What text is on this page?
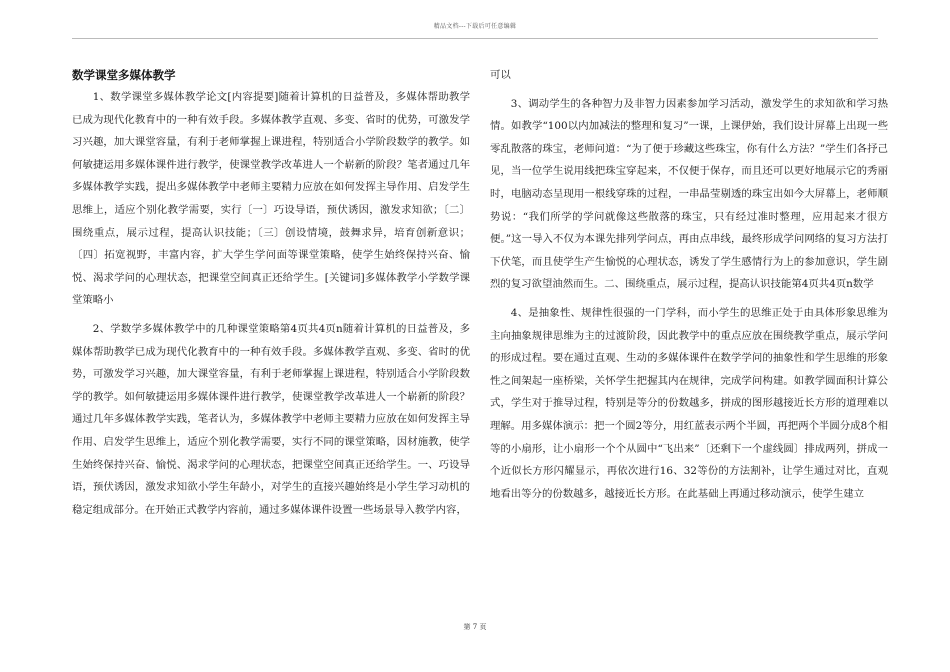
精品文档---下载后可任意编辑
数学课堂多媒体教学

1、数学课堂多媒体教学论文[内容提要]随着计算机的日益普及，多媒体帮助教学已成为现代化教育中的一种有效手段。多媒体教学直观、多变、省时的优势，可激发学习兴趣，加大课堂容量，有利于老师掌握上课进程，特别适合小学阶段数学的教学。如何敏捷运用多媒体课件进行教学，使课堂教学改革进人一个崭新的阶段？笔者通过几年多媒体教学实践，提出多媒体教学中老师主要精力应放在如何发挥主导作用、启发学生思维上，适应个别化教学需要，实行〔一〕巧设导语，预伏诱因，激发求知欲；〔二〕围绕重点，展示过程，提高认识技能；〔三〕创设情境，鼓舞求异，培育创新意识；〔四〕拓宽视野，丰富内容，扩大学生学问面等课堂策略，使学生始终保持兴奋、愉悦、渴求学问的心理状态，把课堂空间真正还给学生。[关键词]多媒体教学小学数学课堂策略小

2、学数学多媒体教学中的几种课堂策略第4页共4页n随着计算机的日益普及，多媒体帮助教学已成为现代化教育中的一种有效手段。多媒体教学直观、多变、省时的优势，可激发学习兴趣，加大课堂容量，有利于老师掌握上课进程，特别适合小学阶段数学的教学。如何敏捷运用多媒体课件进行教学，使课堂教学改革进人一个崭新的阶段？通过几年多媒体教学实践，笔者认为，多媒体教学中老师主要精力应放在如何发挥主导作用、启发学生思维上，适应个别化教学需要，实行不同的课堂策略，因材施教，使学生始终保持兴奋、愉悦、渴求学问的心理状态，把课堂空间真正还给学生。一、巧设导语，预伏诱因，激发求知欲小学生年龄小，对学生的直接兴趣始终是小学生学习动机的稳定组成部分。在开始正式教学内容前，通过多媒体课件设置一些场景导入教学内容，

可以

3、调动学生的各种智力及非智力因素参加学习活动，激发学生的求知欲和学习热情。如教学“100以内加减法的整理和复习”一课，上课伊始，我们设计屏幕上出现一些零乱散落的珠宝，老师问道：“为了便于珍藏这些珠宝，你有什么方法？”学生们各抒己见，当一位学生说用线把珠宝穿起来，不仅便于保存，而且还可以更好地展示它的秀丽时，电脑动态呈现用一根线穿珠的过程，一串晶莹剔透的珠宝出如今大屏幕上，老师顺势说：“我们所学的学问就像这些散落的珠宝，只有经过准时整理，应用起来才很方便。”这一导入不仅为本课先排列学问点，再由点串线，最终形成学问网络的复习方法打下伏笔，而且使学生产生愉悦的心理状态，诱发了学生感情行为上的参加意识，学生剧烈的复习欲望油然而生。二、围绕重点，展示过程，提高认识技能第4页共4页n数学

4、是抽象性、规律性很强的一门学科，而小学生的思维正处于由具体形象思维为主向抽象规律思维为主的过渡阶段，因此教学中的重点应放在围绕教学重点，展示学问的形成过程。要在通过直观、生动的多媒体课件在数学学问的抽象性和学生思维的形象性之间架起一座桥梁，关怀学生把握其内在规律，完成学问构建。如教学圆面积计算公式，学生对于推导过程，特别是等分的份数越多，拼成的图形越接近长方形的道理难以理解。用多媒体演示：把一个圆2等分，用红蓝表示两个半圆，再把两个半圆分成8个相等的小扇形，让小扇形一个个从圆中“飞出来”〔还剩下一个虚线圆〕排成两列，拼成一个近似长方形闪耀显示，再依次进行16、32等份的方法割补，让学生通过对比，直观地看出等分的份数越多，越接近长方形。在此基础上再通过移动演示，使学生建立

第 7 页
